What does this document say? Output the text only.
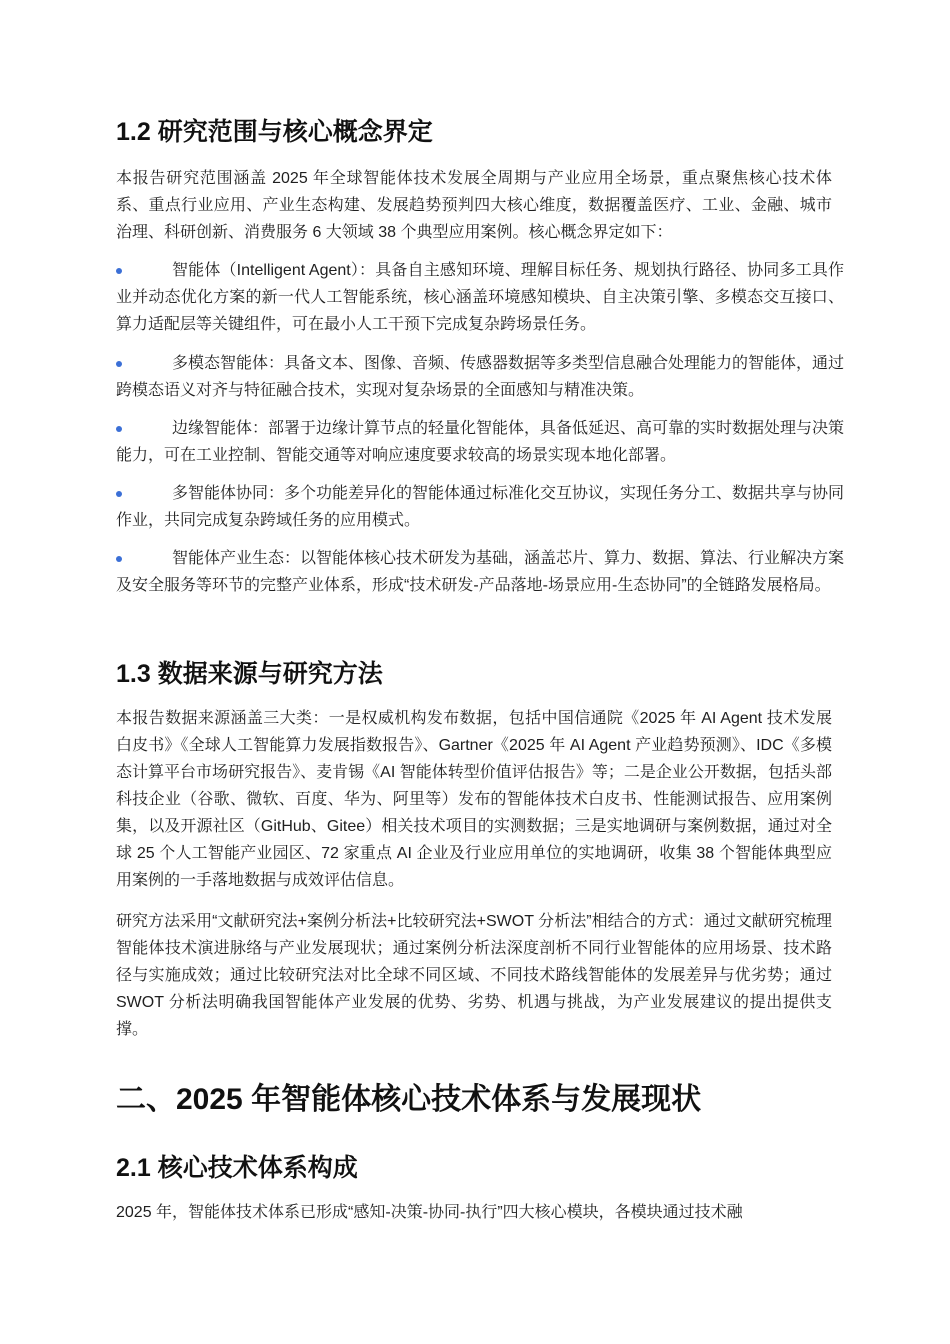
1.2 研究范围与核心概念界定

本报告研究范围涵盖 2025 年全球智能体技术发展全周期与产业应用全场景，重点聚焦核心技术体系、重点行业应用、产业生态构建、发展趋势预判四大核心维度，数据覆盖医疗、工业、金融、城市治理、科研创新、消费服务 6 大领域 38 个典型应用案例。核心概念界定如下：

智能体（Intelligent Agent）：具备自主感知环境、理解目标任务、规划执行路径、协同多工具作业并动态优化方案的新一代人工智能系统，核心涵盖环境感知模块、自主决策引擎、多模态交互接口、算力适配层等关键组件，可在最小人工干预下完成复杂跨场景任务。
多模态智能体：具备文本、图像、音频、传感器数据等多类型信息融合处理能力的智能体，通过跨模态语义对齐与特征融合技术，实现对复杂场景的全面感知与精准决策。
边缘智能体：部署于边缘计算节点的轻量化智能体，具备低延迟、高可靠的实时数据处理与决策能力，可在工业控制、智能交通等对响应速度要求较高的场景实现本地化部署。
多智能体协同：多个功能差异化的智能体通过标准化交互协议，实现任务分工、数据共享与协同作业，共同完成复杂跨域任务的应用模式。
智能体产业生态：以智能体核心技术研发为基础，涵盖芯片、算力、数据、算法、行业解决方案及安全服务等环节的完整产业体系，形成“技术研发-产品落地-场景应用-生态协同”的全链路发展格局。
1.3 数据来源与研究方法

本报告数据来源涵盖三大类：一是权威机构发布数据，包括中国信通院《2025 年 AI Agent 技术发展白皮书》《全球人工智能算力发展指数报告》、Gartner《2025 年 AI Agent 产业趋势预测》、IDC《多模态计算平台市场研究报告》、麦肯锡《AI 智能体转型价值评估报告》等；二是企业公开数据，包括头部科技企业（谷歌、微软、百度、华为、阿里等）发布的智能体技术白皮书、性能测试报告、应用案例集，以及开源社区（GitHub、Gitee）相关技术项目的实测数据；三是实地调研与案例数据，通过对全球 25 个人工智能产业园区、72 家重点 AI 企业及行业应用单位的实地调研，收集 38 个智能体典型应用案例的一手落地数据与成效评估信息。

研究方法采用“文献研究法+案例分析法+比较研究法+SWOT 分析法”相结合的方式：通过文献研究梳理智能体技术演进脉络与产业发展现状；通过案例分析法深度剖析不同行业智能体的应用场景、技术路径与实施成效；通过比较研究法对比全球不同区域、不同技术路线智能体的发展差异与优劣势；通过 SWOT 分析法明确我国智能体产业发展的优势、劣势、机遇与挑战，为产业发展建议的提出提供支撑。

二、2025 年智能体核心技术体系与发展现状
2.1 核心技术体系构成

2025 年，智能体技术体系已形成“感知-决策-协同-执行”四大核心模块，各模块通过技术融
